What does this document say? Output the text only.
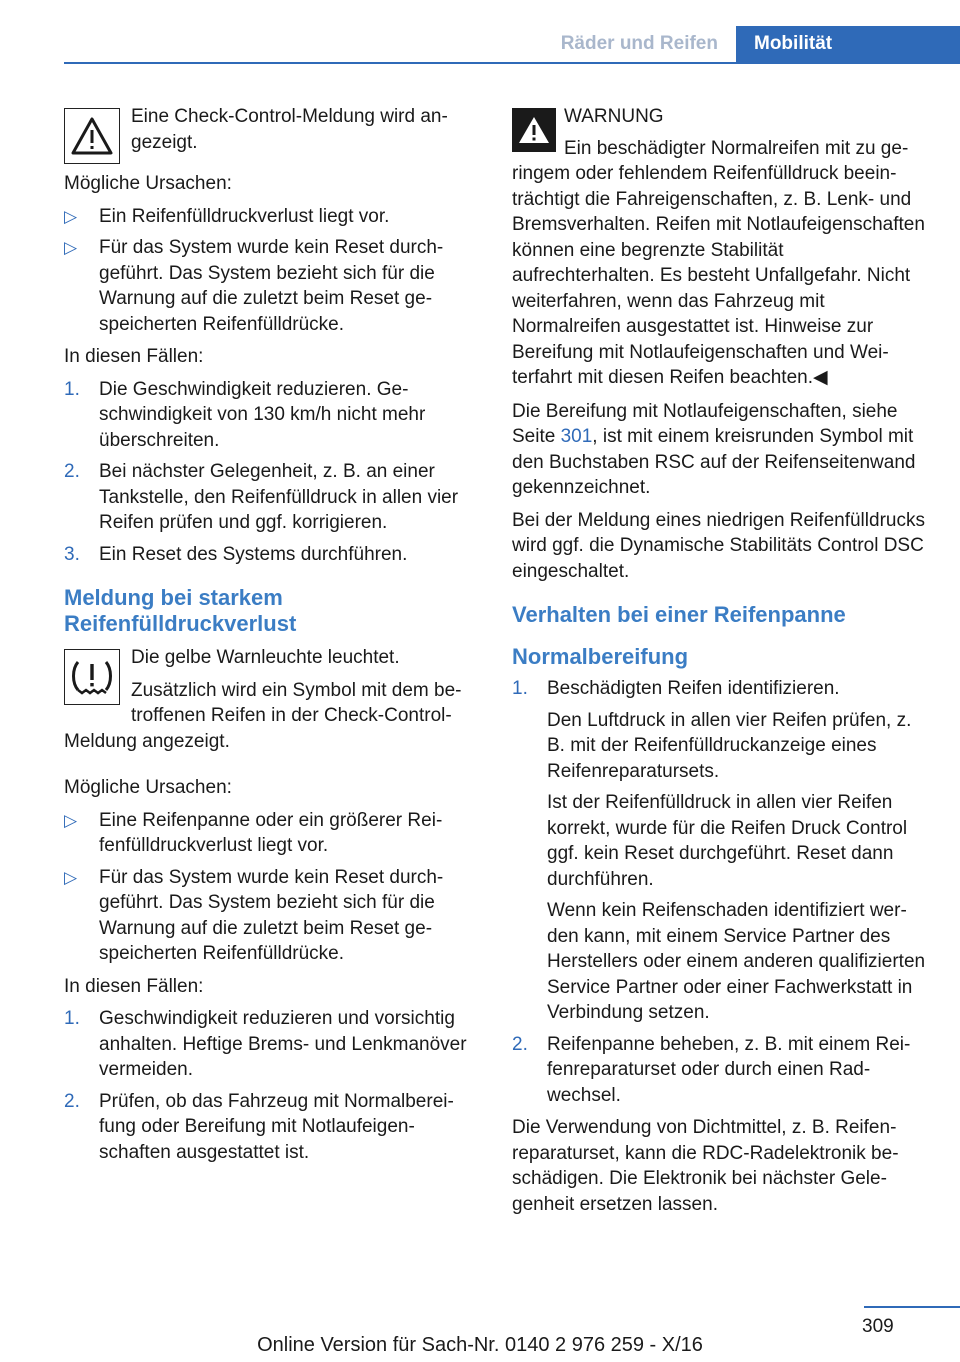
Räder und Reifen	Mobilität
Eine Check-Control-Meldung wird angezeigt.

Mögliche Ursachen:

▷ Ein Reifenfülldruckverlust liegt vor.
▷ Für das System wurde kein Reset durchgeführt. Das System bezieht sich für die Warnung auf die zuletzt beim Reset gespeicherten Reifenfülldrücke.

In diesen Fällen:

1. Die Geschwindigkeit reduzieren. Geschwindigkeit von 130 km/h nicht mehr überschreiten.
2. Bei nächster Gelegenheit, z. B. an einer Tankstelle, den Reifenfülldruck in allen vier Reifen prüfen und ggf. korrigieren.
3. Ein Reset des Systems durchführen.
Meldung bei starkem Reifenfülldruckverlust

Die gelbe Warnleuchte leuchtet.

Zusätzlich wird ein Symbol mit dem betroffenen Reifen in der Check-Control-Meldung angezeigt.

Mögliche Ursachen:

▷ Eine Reifenpanne oder ein größerer Reifenfülldruckverlust liegt vor.
▷ Für das System wurde kein Reset durchgeführt. Das System bezieht sich für die Warnung auf die zuletzt beim Reset gespeicherten Reifenfülldrücke.

In diesen Fällen:

1. Geschwindigkeit reduzieren und vorsichtig anhalten. Heftige Brems- und Lenkmanöver vermeiden.
2. Prüfen, ob das Fahrzeug mit Normalbereifung oder Bereifung mit Notlaufeigenschaften ausgestattet ist.
WARNUNG
Ein beschädigter Normalreifen mit zu geringem oder fehlendem Reifenfülldruck beeinträchtigt die Fahreigenschaften, z. B. Lenk- und Bremsverhalten. Reifen mit Notlaufeigenschaften können eine begrenzte Stabilität aufrechterhalten. Es besteht Unfallgefahr. Nicht weiterfahren, wenn das Fahrzeug mit Normalreifen ausgestattet ist. Hinweise zur Bereifung mit Notlaufeigenschaften und Weiterfahrt mit diesen Reifen beachten.◀

Die Bereifung mit Notlaufeigenschaften, siehe Seite 301, ist mit einem kreisrunden Symbol mit den Buchstaben RSC auf der Reifenseitenwand gekennzeichnet.

Bei der Meldung eines niedrigen Reifenfülldrucks wird ggf. die Dynamische Stabilitäts Control DSC eingeschaltet.

Verhalten bei einer Reifenpanne
Normalbereifung
1. Beschädigten Reifen identifizieren.
Den Luftdruck in allen vier Reifen prüfen, z. B. mit der Reifenfülldruckanzeige eines Reifenreparatursets.
Ist der Reifenfülldruck in allen vier Reifen korrekt, wurde für die Reifen Druck Control ggf. kein Reset durchgeführt. Reset dann durchführen.
Wenn kein Reifenschaden identifiziert werden kann, mit einem Service Partner des Herstellers oder einem anderen qualifizierten Service Partner oder einer Fachwerkstatt in Verbindung setzen.
2. Reifenpanne beheben, z. B. mit einem Reifenreparaturset oder durch einen Radwechsel.

Die Verwendung von Dichtmittel, z. B. Reifenreparaturset, kann die RDC-Radelektronik beschädigen. Die Elektronik bei nächster Gelegenheit ersetzen lassen.

309
Online Version für Sach-Nr. 0140 2 976 259 - X/16
